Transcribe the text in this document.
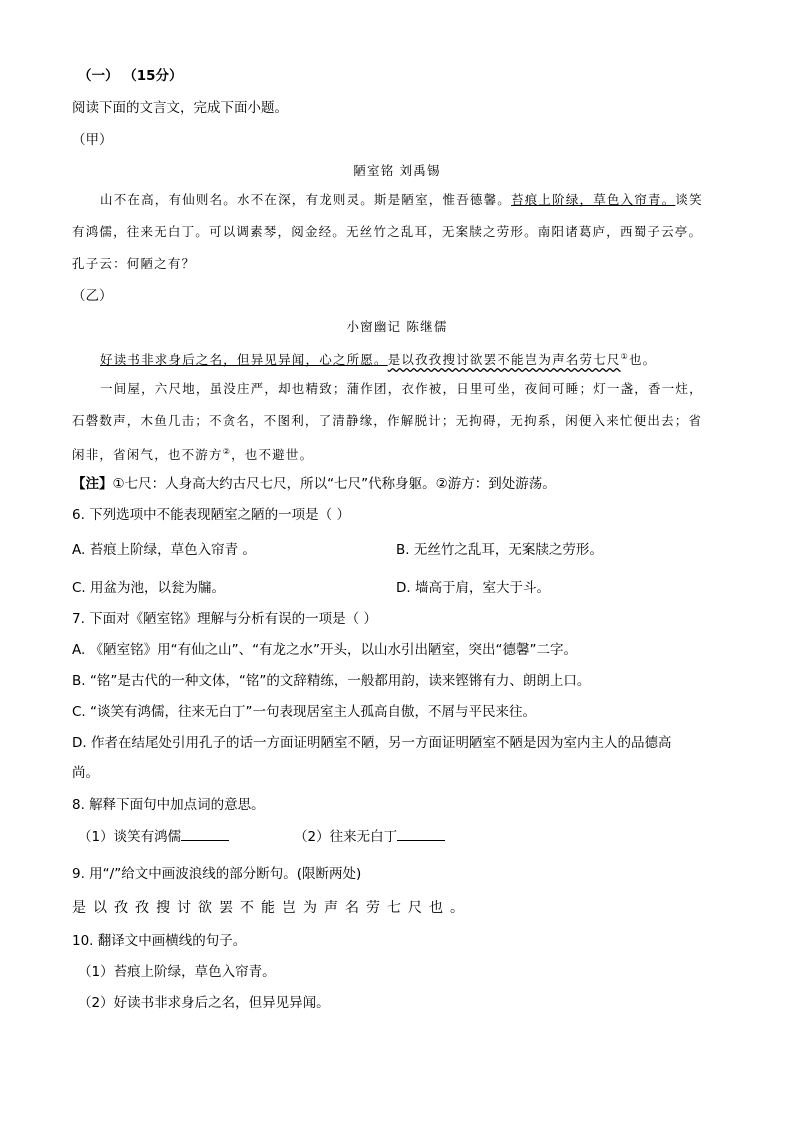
（一） （15分）
阅读下面的文言文，完成下面小题。
（甲）
陋室铭 刘禹锡
山不在高，有仙则名。水不在深，有龙则灵。斯是陋室，惟吾德馨。苔痕上阶绿，草色入帘青。谈笑
有鸿儒，往来无白丁。可以调素琴，阅金经。无丝竹之乱耳，无案牍之劳形。南阳诸葛庐，西蜀子云亭。
孔子云：何陋之有？
（乙）
小窗幽记 陈继儒
好读书非求身后之名，但异见异闻，心之所愿。是以孜孜搜讨欲罢不能岂为声名劳七尺①也。
一间屋，六尺地，虽没庄严，却也精致；蒲作团，衣作被，日里可坐，夜间可睡；灯一盏，香一炷，
石磬数声，木鱼几击；不贪名，不图利，了清静缘，作解脱计；无拘碍，无拘系，闲便入来忙便出去；省
闲非，省闲气，也不游方②，也不避世。
【注】①七尺：人身高大约古尺七尺，所以“七尺”代称身躯。②游方：到处游荡。
6. 下列选项中不能表现陋室之陋的一项是（ ）
A. 苔痕上阶绿，草色入帘青 。	B. 无丝竹之乱耳，无案牍之劳形。
C. 用盆为池，以瓮为牖。	D. 墙高于肩，室大于斗。
7. 下面对《陋室铭》理解与分析有误的一项是（ ）
A. 《陋室铭》用“有仙之山”、“有龙之水”开头，以山水引出陋室，突出“德馨”二字。
B. “铭”是古代的一种文体，“铭”的文辞精练，一般都用韵，读来铿锵有力、朗朗上口。
C. “谈笑有鸿儒，往来无白丁”一句表现居室主人孤高自傲，不屑与平民来往。
D. 作者在结尾处引用孔子的话一方面证明陋室不陋，另一方面证明陋室不陋是因为室内主人的品德高
尚。
8. 解释下面句中加点词的意思。
（1）谈笑有鸿儒	（2）往来无白丁
9. 用“/”给文中画波浪线的部分断句。(限断两处)
是以孜孜搜讨欲罢不能岂为声名劳七尺也。
10. 翻译文中画横线的句子。
（1）苔痕上阶绿，草色入帘青。
（2）好读书非求身后之名，但异见异闻。
